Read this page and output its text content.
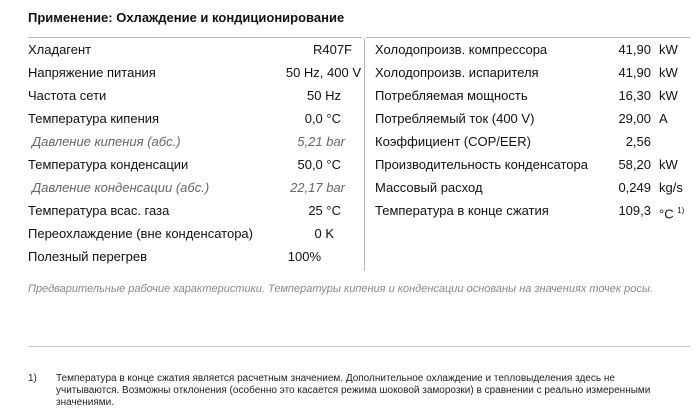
Применение: Охлаждение и кондиционирование
Хладагент	R407F
Напряжение питания	50 Hz, 400 V
Частота сети	50 Hz
Температура кипения	0,0 °C
Давление кипения (абс.)	5,21 bar
Температура конденсации	50,0 °C
Давление конденсации (абс.)	22,17 bar
Температура всас. газа	25 °C
Переохлаждение (вне конденсатора)	0 K
Полезный перегрев	100%
Холодопроизв. компрессора	41,90 kW
Холодопроизв. испарителя	41,90 kW
Потребляемая мощность	16,30 kW
Потребляемый ток (400 V)	29,00 A
Коэффициент (COP/EER)	2,56
Производительность конденсатора	58,20 kW
Массовый расход	0,249 kg/s
Температура в конце сжатия	109,3 °C $^{1)}$
Предварительные рабочие характеристики. Температуры кипения и конденсации основаны на значениях точек росы.
1) Температура в конце сжатия является расчетным значением. Дополнительное охлаждение и тепловыделения здесь не учитываются. Возможны отклонения (особенно это касается режима шоковой заморозки) в сравнении с реально измеренными значениями.
